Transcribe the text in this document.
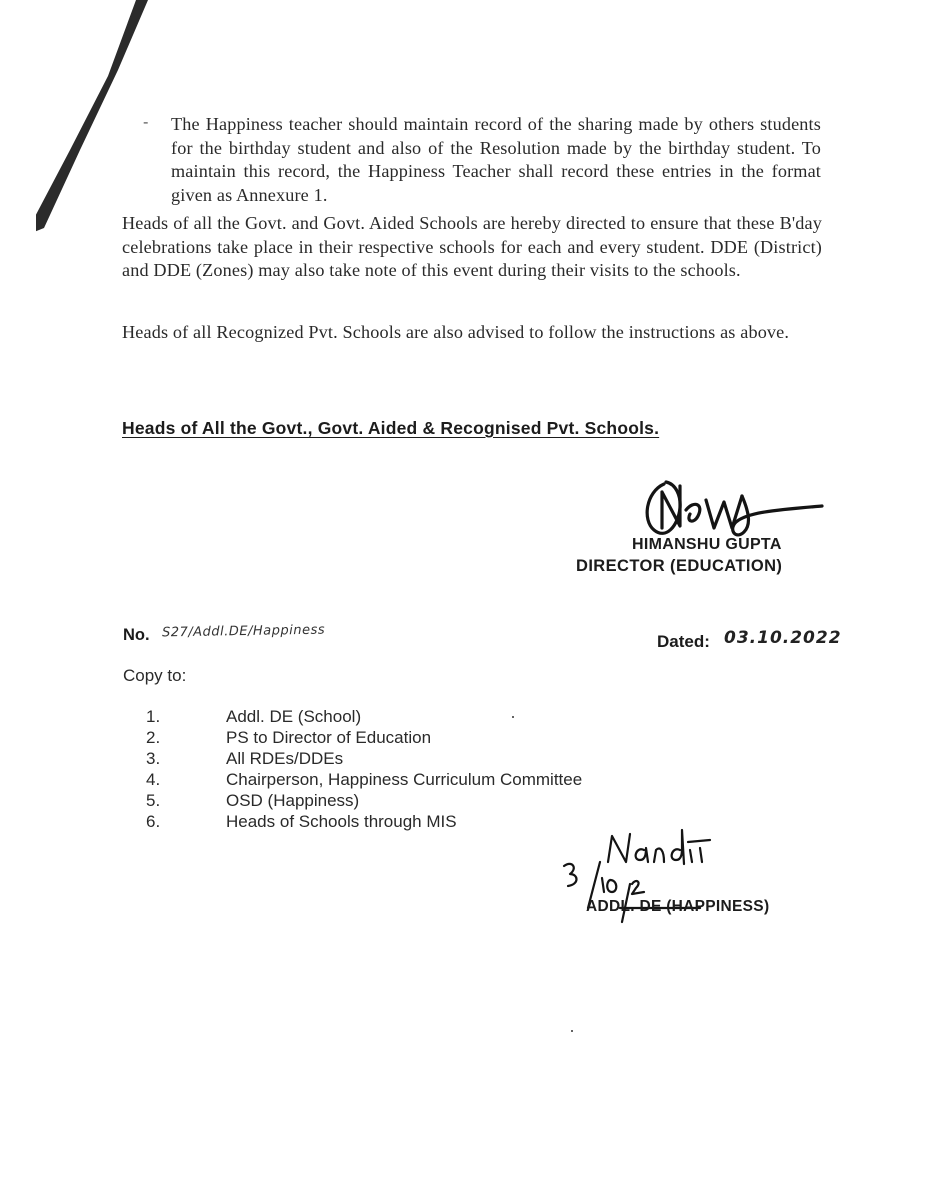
- The Happiness teacher should maintain record of the sharing made by others students for the birthday student and also of the Resolution made by the birthday student. To maintain this record, the Happiness Teacher shall record these entries in the format given as Annexure 1.
Heads of all the Govt. and Govt. Aided Schools are hereby directed to ensure that these B'day celebrations take place in their respective schools for each and every student. DDE (District) and DDE (Zones) may also take note of this event during their visits to the schools.
Heads of all Recognized Pvt. Schools are also advised to follow the instructions as above.
Heads of All the Govt., Govt. Aided & Recognised Pvt. Schools.
HIMANSHU GUPTA
DIRECTOR (EDUCATION)
No. S27/Addl.DE/Happiness
Dated: 03.10.2022
Copy to:
1.	Addl. DE (School)
2.	PS to Director of Education
3.	All RDEs/DDEs
4.	Chairperson, Happiness Curriculum Committee
5.	OSD (Happiness)
6.	Heads of Schools through MIS
ADDL. DE (HAPPINESS)
